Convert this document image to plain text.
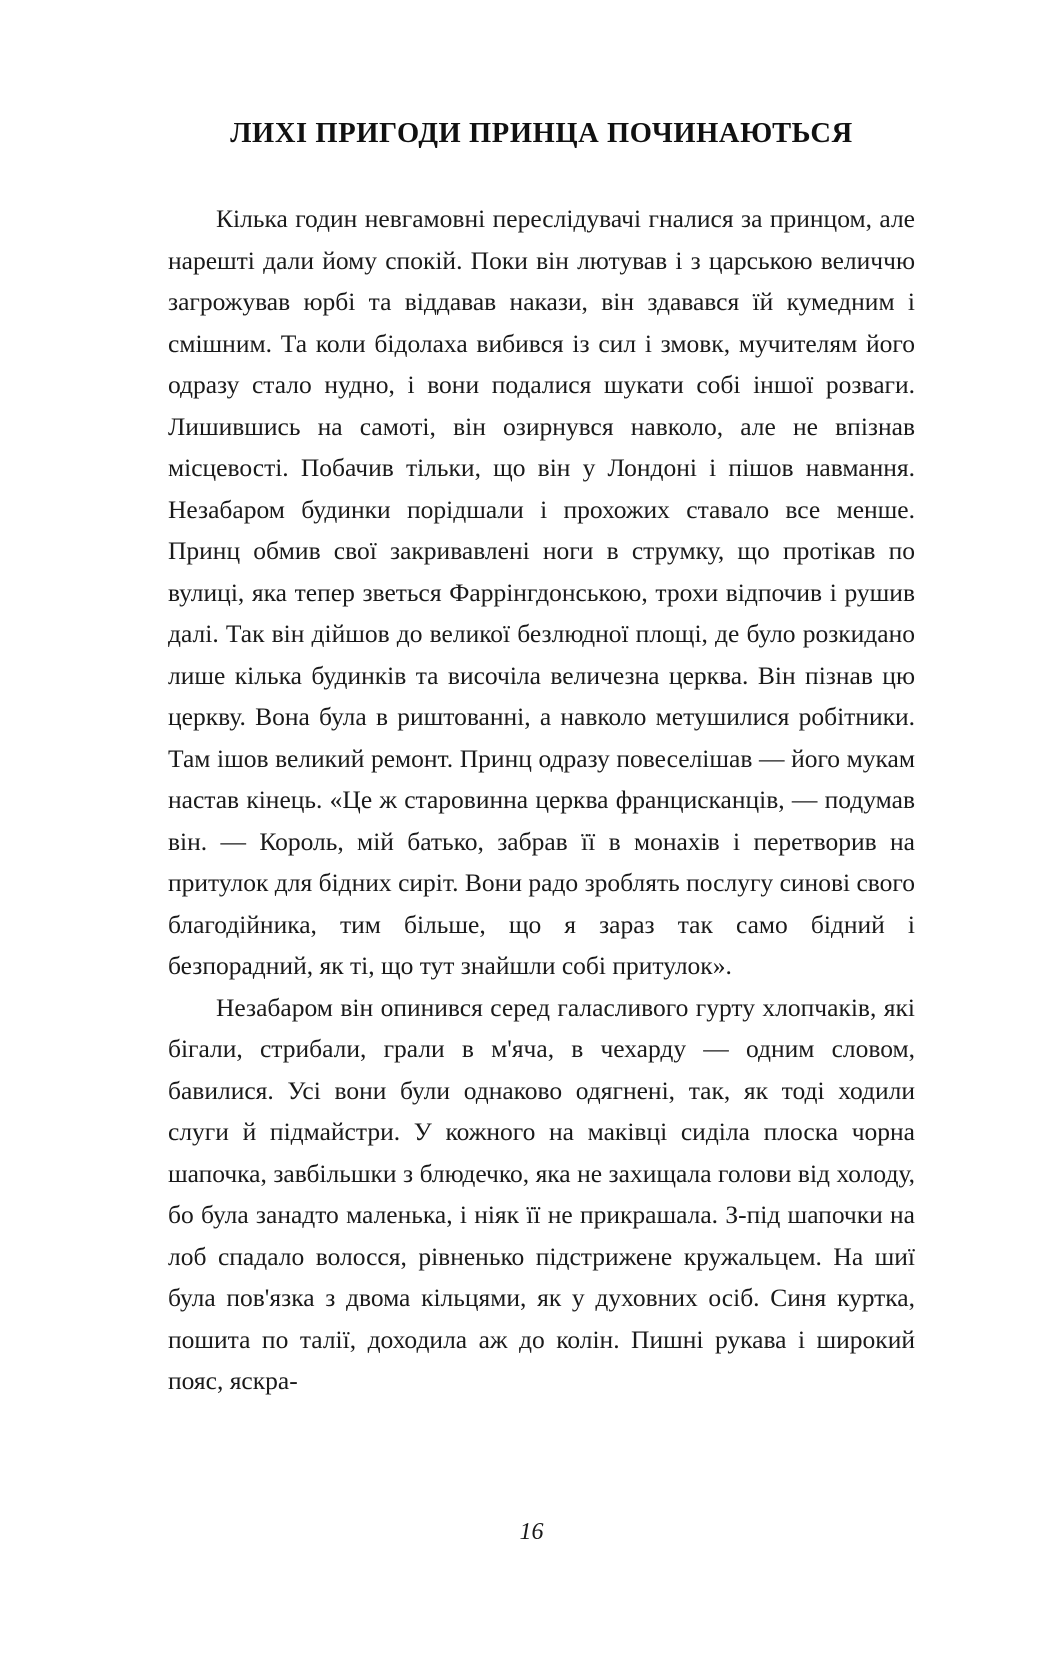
ЛИХІ ПРИГОДИ ПРИНЦА ПОЧИНАЮТЬСЯ

Кілька годин невгамовні переслідувачі гналися за принцом, але нарешті дали йому спокій. Поки він лютував і з царською величчю загрожував юрбі та віддавав накази, він здавався їй кумедним і смішним. Та коли бідолаха вибився із сил і змовк, мучителям його одразу стало нудно, і вони подалися шукати собі іншої розваги. Лишившись на самоті, він озирнувся навколо, але не впізнав місцевості. Побачив тільки, що він у Лондоні і пішов навмання. Незабаром будинки порідшали і прохожих ставало все менше. Принц обмив свої закривавлені ноги в струмку, що протікав по вулиці, яка тепер зветься Фаррінгдонською, трохи відпочив і рушив далі. Так він дійшов до великої безлюдної площі, де було розкидано лише кілька будинків та височіла величезна церква. Він пізнав цю церкву. Вона була в риштованні, а навколо метушилися робітники. Там ішов великий ремонт. Принц одразу повеселішав — його мукам настав кінець. «Це ж старовинна церква францисканців, — подумав він. — Король, мій батько, забрав її в монахів і перетворив на притулок для бідних сиріт. Вони радо зроблять послугу синові свого благодійника, тим більше, що я зараз так само бідний і безпорадний, як ті, що тут знайшли собі притулок».

Незабаром він опинився серед галасливого гурту хлопчаків, які бігали, стрибали, грали в м'яча, в чехарду — одним словом, бавилися. Усі вони були однаково одягнені, так, як тоді ходили слуги й підмайстри. У кожного на маківці сиділа плоска чорна шапочка, завбільшки з блюдечко, яка не захищала голови від холоду, бо була занадто маленька, і ніяк її не прикрашала. З-під шапочки на лоб спадало волосся, рівненько підстрижене кружальцем. На шиї була пов'язка з двома кільцями, як у духовних осіб. Синя куртка, пошита по талії, доходила аж до колін. Пишні рукава і широкий пояс, яскра-

16
